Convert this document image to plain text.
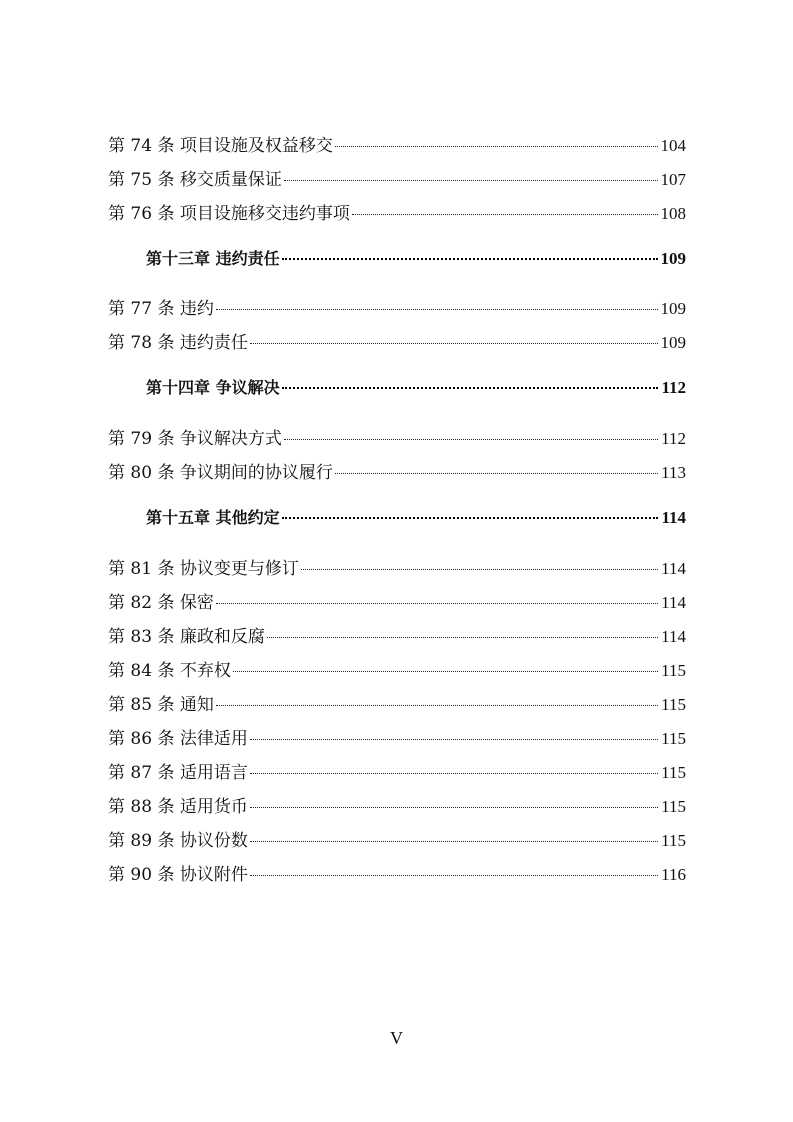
第 74 条 项目设施及权益移交	104
第 75 条 移交质量保证	107
第 76 条 项目设施移交违约事项	108
第十三章 违约责任	109
第 77 条 违约	109
第 78 条 违约责任	109
第十四章 争议解决	112
第 79 条 争议解决方式	112
第 80 条 争议期间的协议履行	113
第十五章 其他约定	114
第 81 条 协议变更与修订	114
第 82 条 保密	114
第 83 条 廉政和反腐	114
第 84 条 不弃权	115
第 85 条 通知	115
第 86 条 法律适用	115
第 87 条 适用语言	115
第 88 条 适用货币	115
第 89 条 协议份数	115
第 90 条 协议附件	116
V
